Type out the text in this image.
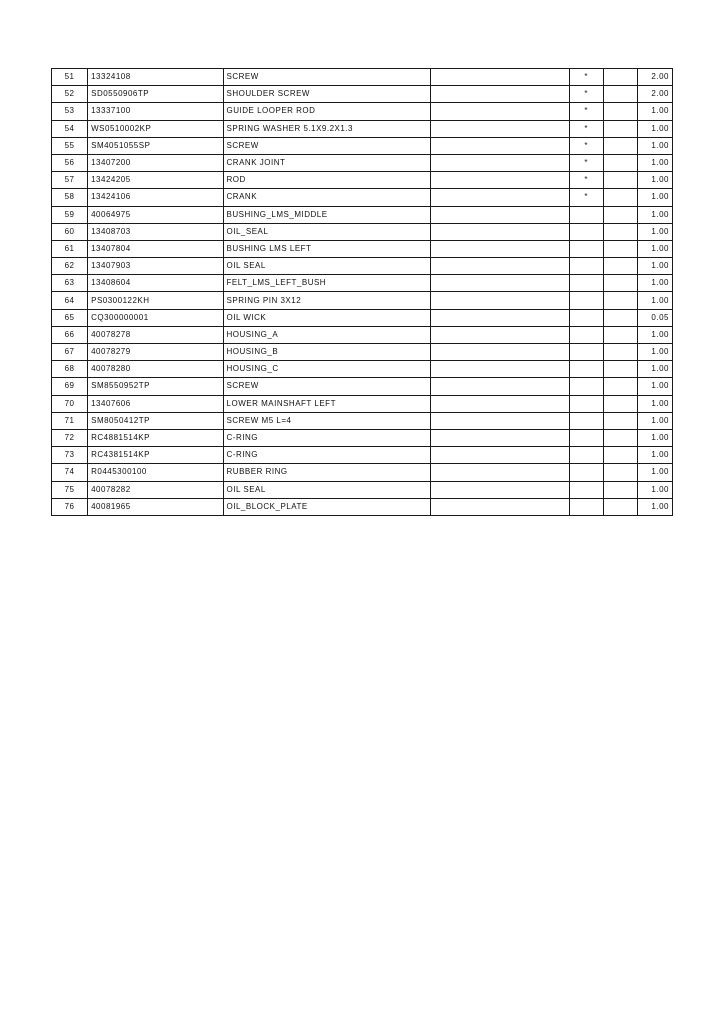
51	13324108	SCREW		*		2.00
52	SD0550906TP	SHOULDER SCREW		*		2.00
53	13337100	GUIDE LOOPER ROD		*		1.00
54	WS0510002KP	SPRING WASHER 5.1X9.2X1.3		*		1.00
55	SM4051055SP	SCREW		*		1.00
56	13407200	CRANK JOINT		*		1.00
57	13424205	ROD		*		1.00
58	13424106	CRANK		*		1.00
59	40064975	BUSHING_LMS_MIDDLE				1.00
60	13408703	OIL_SEAL				1.00
61	13407804	BUSHING LMS LEFT				1.00
62	13407903	OIL SEAL				1.00
63	13408604	FELT_LMS_LEFT_BUSH				1.00
64	PS0300122KH	SPRING PIN 3X12				1.00
65	CQ300000001	OIL WICK				0.05
66	40078278	HOUSING_A				1.00
67	40078279	HOUSING_B				1.00
68	40078280	HOUSING_C				1.00
69	SM8550952TP	SCREW				1.00
70	13407606	LOWER MAINSHAFT LEFT				1.00
71	SM8050412TP	SCREW M5 L=4				1.00
72	RC4881514KP	C-RING				1.00
73	RC4381514KP	C-RING				1.00
74	R0445300100	RUBBER RING				1.00
75	40078282	OIL SEAL				1.00
76	40081965	OIL_BLOCK_PLATE				1.00
